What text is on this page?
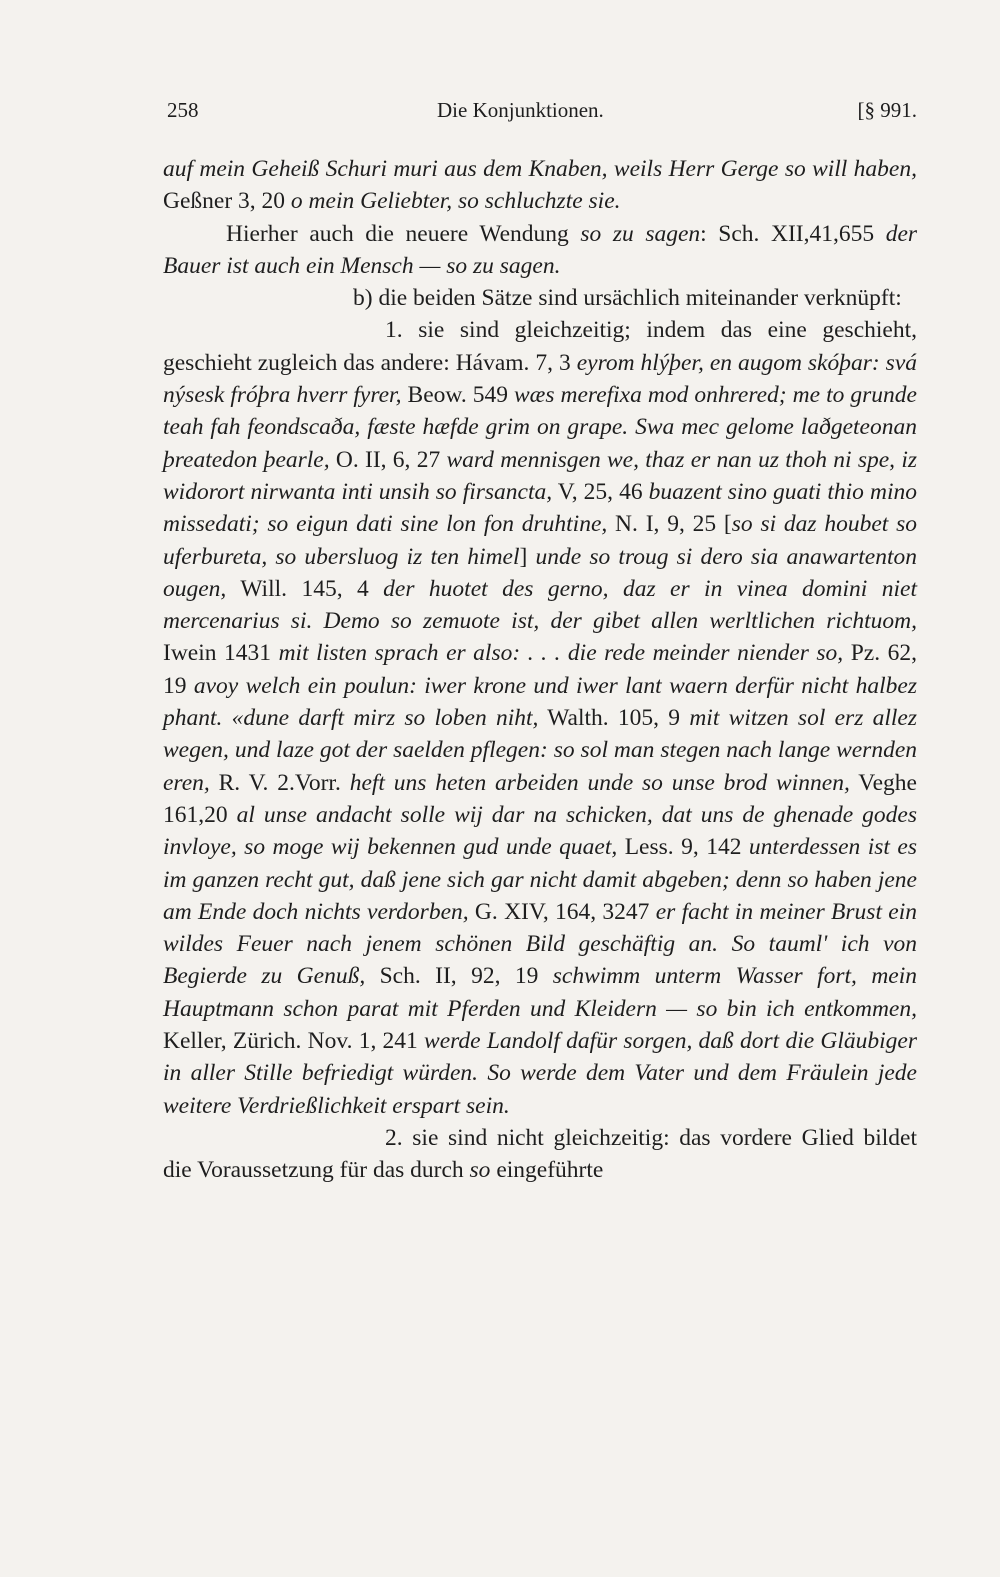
258	Die Konjunktionen.	[§ 991.

auf mein Geheiß Schuri muri aus dem Knaben, weils Herr Gerge so will haben, Geßner 3, 20 o mein Geliebter, so schluchzte sie.

Hierher auch die neuere Wendung so zu sagen: Sch. XII,41,655 der Bauer ist auch ein Mensch — so zu sagen.

b) die beiden Sätze sind ursächlich miteinander verknüpft:

1. sie sind gleichzeitig; indem das eine geschieht, geschieht zugleich das andere: Hávam. 7, 3 eyrom hlýþer, en augom skóþar: svá nýsesk fróþra hverr fyrer, Beow. 549 wæs merefixa mod onhrered; me to grunde teah fah feondscaða, fæste hæfde grim on grape. Swa mec gelome laðgeteonan þreatedon þearle, O. II, 6, 27 ward mennisgen we, thaz er nan uz thoh ni spe, iz widorort nirwanta inti unsih so firsancta, V, 25, 46 buazent sino guati thio mino missedati; so eigun dati sine lon fon druhtine, N. I, 9, 25 [so si daz houbet so uferbureta, so ubersluog iz ten himel] unde so troug si dero sia anawartenton ougen, Will. 145, 4 der huotet des gerno, daz er in vinea domini niet mercenarius si. Demo so zemuote ist, der gibet allen werltlichen richtuom, Iwein 1431 mit listen sprach er also: . . . die rede meinder niender so, Pz. 62, 19 avoy welch ein poulun: iwer krone und iwer lant waern derfür nicht halbez phant. «dune darft mirz so loben niht, Walth. 105, 9 mit witzen sol erz allez wegen, und laze got der saelden pflegen: so sol man stegen nach lange wernden eren, R. V. 2.Vorr. heft uns heten arbeiden unde so unse brod winnen, Veghe 161,20 al unse andacht solle wij dar na schicken, dat uns de ghenade godes invloye, so moge wij bekennen gud unde quaet, Less. 9, 142 unterdessen ist es im ganzen recht gut, daß jene sich gar nicht damit abgeben; denn so haben jene am Ende doch nichts verdorben, G. XIV, 164, 3247 er facht in meiner Brust ein wildes Feuer nach jenem schönen Bild geschäftig an. So tauml' ich von Begierde zu Genuß, Sch. II, 92, 19 schwimm unterm Wasser fort, mein Hauptmann schon parat mit Pferden und Kleidern — so bin ich entkommen, Keller, Zürich. Nov. 1, 241 werde Landolf dafür sorgen, daß dort die Gläubiger in aller Stille befriedigt würden. So werde dem Vater und dem Fräulein jede weitere Verdrießlichkeit erspart sein.

2. sie sind nicht gleichzeitig: das vordere Glied bildet die Voraussetzung für das durch so eingeführte
